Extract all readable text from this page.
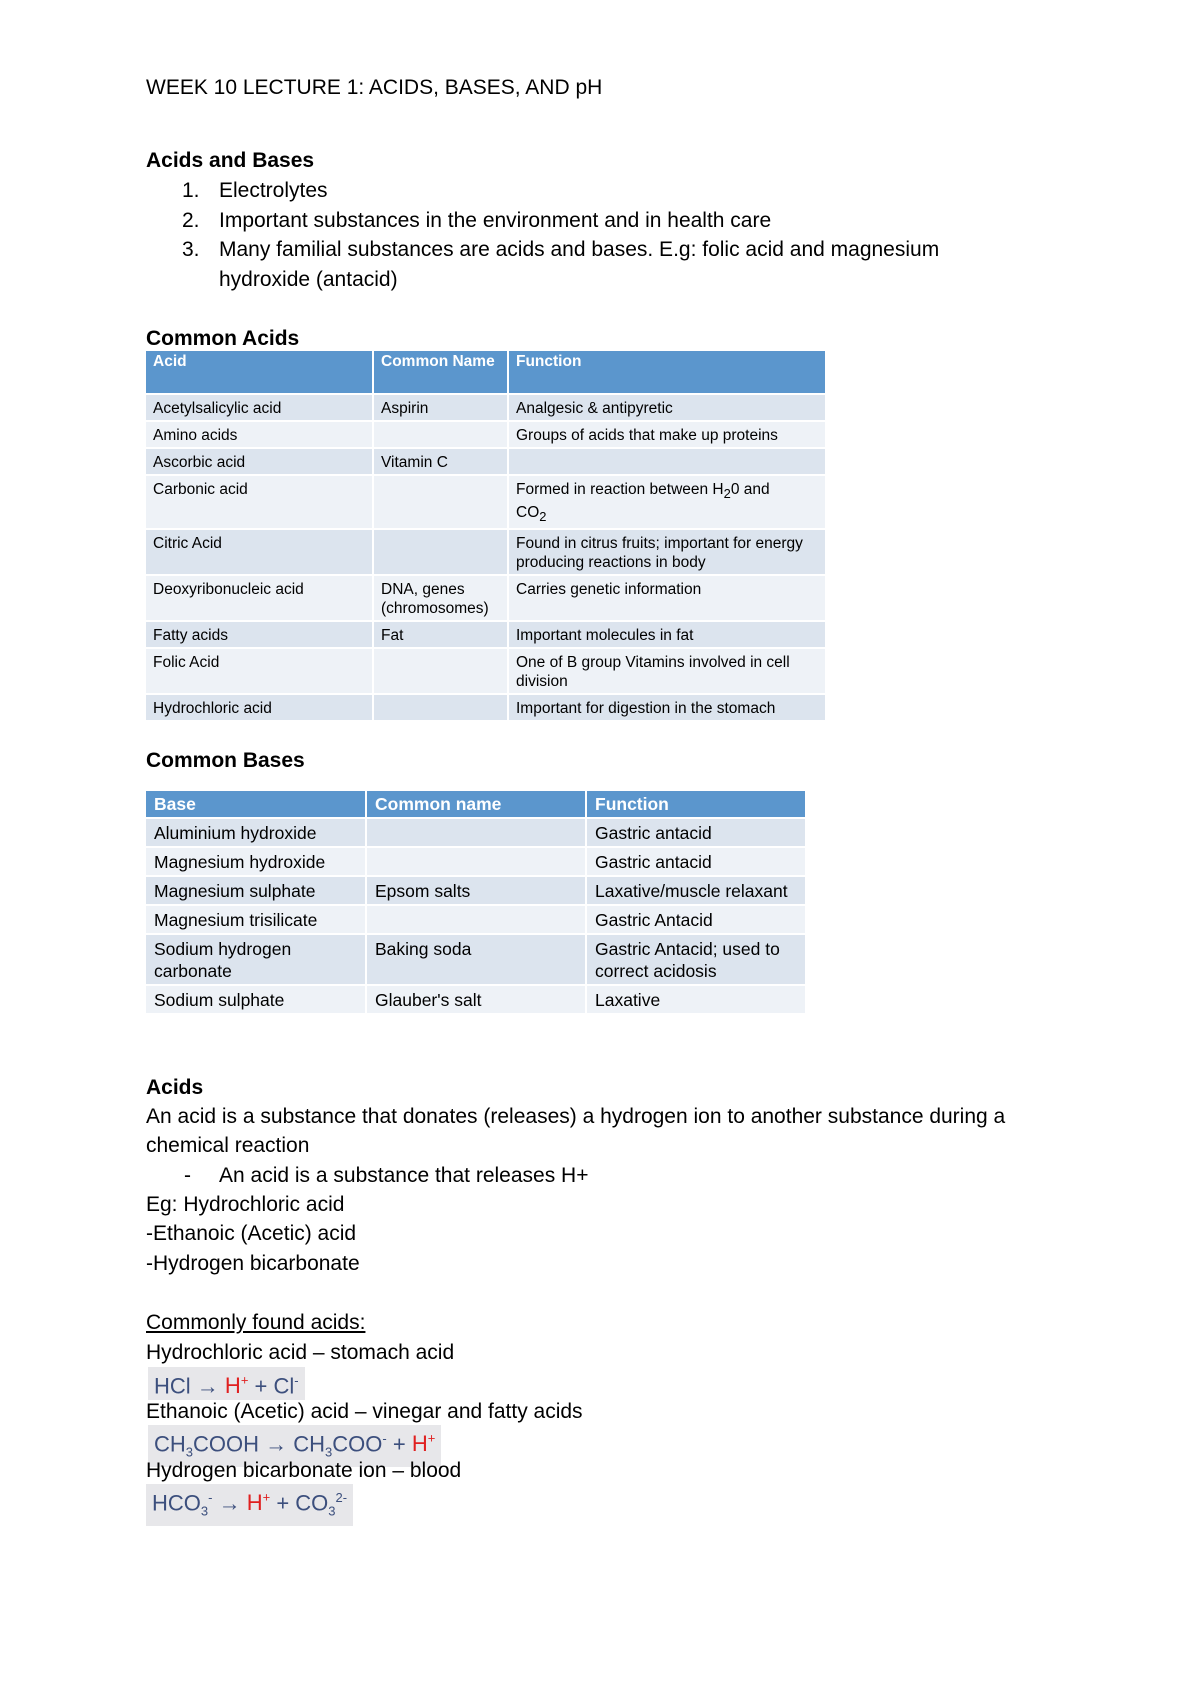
WEEK 10 LECTURE 1: ACIDS, BASES, AND pH
Acids and Bases
1. Electrolytes
2. Important substances in the environment and in health care
3. Many familial substances are acids and bases. E.g: folic acid and magnesium hydroxide (antacid)
Common Acids
Acid	Common Name	Function
Acetylsalicylic acid	Aspirin	Analgesic & antipyretic
Amino acids		Groups of acids that make up proteins
Ascorbic acid	Vitamin C	
Carbonic acid		Formed in reaction between $H_20$ and
$CO_2$
Citric Acid		Found in citrus fruits; important for energy producing reactions in body
Deoxyribonucleic acid	DNA, genes (chromosomes)	Carries genetic information
Fatty acids	Fat	Important molecules in fat
Folic Acid		One of B group Vitamins involved in cell division
Hydrochloric acid		Important for digestion in the stomach
Common Bases
Base	Common name	Function
Aluminium hydroxide		Gastric antacid
Magnesium hydroxide		Gastric antacid
Magnesium sulphate	Epsom salts	Laxative/muscle relaxant
Magnesium trisilicate		Gastric Antacid
Sodium hydrogen carbonate	Baking soda	Gastric Antacid; used to correct acidosis
Sodium sulphate	Glauber's salt	Laxative
Acids
An acid is a substance that donates (releases) a hydrogen ion to another substance during a chemical reaction
- An acid is a substance that releases H+
Eg: Hydrochloric acid
-Ethanoic (Acetic) acid
-Hydrogen bicarbonate
Commonly found acids:
Hydrochloric acid – stomach acid
HCl → H+ + Cl-
Ethanoic (Acetic) acid – vinegar and fatty acids
$CH_3COOH \to CH_3COO^- + H^+$
Hydrogen bicarbonate ion – blood
$HCO_3^- \to H^+ + CO_3^{2-}$
